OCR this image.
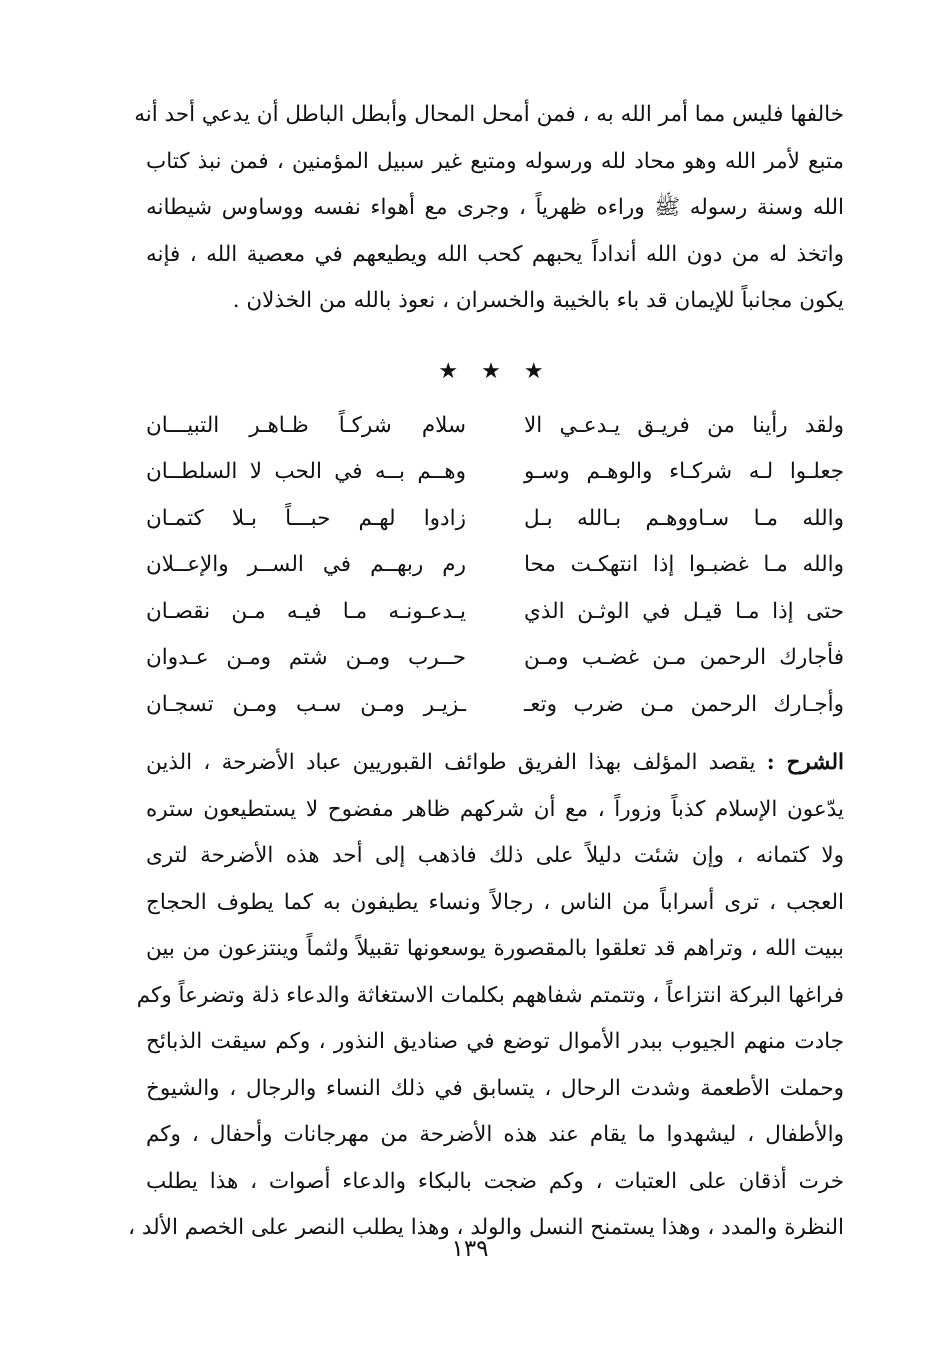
خالفها فليس مما أمر الله به ، فمن أمحل المحال وأبطل الباطل أن يدعي أحد أنه
متبع لأمر الله وهو محاد لله ورسوله ومتبع غير سبيل المؤمنين ، فمن نبذ كتاب
الله وسنة رسوله ﷺ وراءه ظهرياً ، وجرى مع أهواء نفسه ووساوس شيطانه
واتخذ له من دون الله أنداداً يحبهم كحب الله ويطيعهم في معصية الله ، فإنه
يكون مجانباً للإيمان قد باء بالخيبة والخسران ، نعوذ بالله من الخذلان .
★ ★ ★
ولقد رأينا من فريـق يـدعـي الا
سلام شركـاً ظـاهـر التبيـــان
جعلـوا لـه شركـاء والوهـم وسـو
وهــم بــه في الحب لا السلطــان
والله مـا سـاووهـم بـالله بـل
زادوا لهـم حبـــاً بـلا كتمـان
والله مـا غضبـوا إذا انتهكـت محا
رم ربهــم في الســر والإعــلان
حتى إذا مـا قيـل في الوثـن الذي
يـدعـونـه مـا فيـه مـن نقصـان
فأجارك الرحمن مـن غضـب ومـن
حــرب ومـن شتم ومـن عـدوان
وأجـارك الرحمن مـن ضرب وتعـ
ـزيـر ومـن سـب ومـن تسجـان
الشرح : يقصد المؤلف بهذا الفريق طوائف القبوريين عباد الأضرحة ، الذين
يدّعون الإسلام كذباً وزوراً ، مع أن شركهم ظاهر مفضوح لا يستطيعون ستره
ولا كتمانه ، وإن شئت دليلاً على ذلك فاذهب إلى أحد هذه الأضرحة لترى
العجب ، ترى أسراباً من الناس ، رجالاً ونساء يطيفون به كما يطوف الحجاج
ببيت الله ، وتراهم قد تعلقوا بالمقصورة يوسعونها تقبيلاً ولثماً وينتزعون من بين
فراغها البركة انتزاعاً ، وتتمتم شفاههم بكلمات الاستغاثة والدعاء ذلة وتضرعاً وكم
جادت منهم الجيوب ببدر الأموال توضع في صناديق النذور ، وكم سيقت الذبائح
وحملت الأطعمة وشدت الرحال ، يتسابق في ذلك النساء والرجال ، والشيوخ
والأطفال ، ليشهدوا ما يقام عند هذه الأضرحة من مهرجانات وأحفال ، وكم
خرت أذقان على العتبات ، وكم ضجت بالبكاء والدعاء أصوات ، هذا يطلب
النظرة والمدد ، وهذا يستمنح النسل والولد ، وهذا يطلب النصر على الخصم الألد ،
١٣٩
